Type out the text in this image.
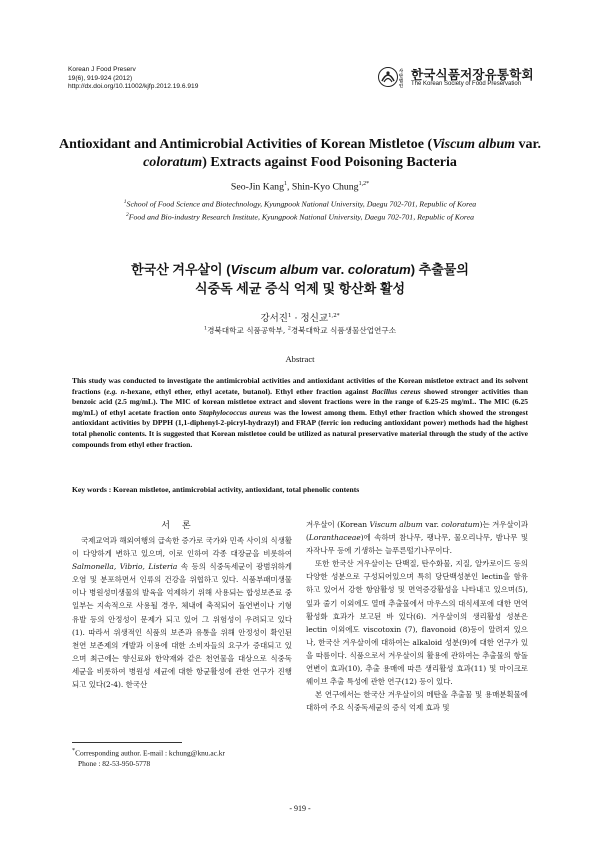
Korean J Food Preserv
19(6), 919-924 (2012)
http://dx.doi.org/10.11002/kjfp.2012.19.6.919
사단법인
한국식품저장유통학회
The Korean Society of Food Preservation
Antioxidant and Antimicrobial Activities of Korean Mistletoe (Viscum album var. coloratum) Extracts against Food Poisoning Bacteria
Seo-Jin Kang$^1$, Shin-Kyo Chung$^{1,2*}$
$^1$School of Food Science and Biotechnology, Kyungpook National University, Daegu 702-701, Republic of Korea
$^2$Food and Bio-industry Research Institute, Kyungpook National University, Daegu 702-701, Republic of Korea
한국산 겨우살이 (Viscum album var. coloratum) 추출물의
식중독 세균 증식 억제 및 항산화 활성
강서진$^1$ · 정신교$^{1,2*}$
$^1$경북대학교 식품공학부, $^2$경북대학교 식품생물산업연구소
Abstract
This study was conducted to investigate the antimicrobial activities and antioxidant activities of the Korean mistletoe extract and its solvent fractions (e.g. n-hexane, ethyl ether, ethyl acetate, butanol). Ethyl ether fraction against Bacillus cereus showed stronger activities than benzoic acid (2.5 mg/mL). The MIC of korean mistletoe extract and slovent fractions were in the range of 6.25-25 mg/mL. The MIC (6.25 mg/mL) of ethyl acetate fraction onto Staphylococcus aureus was the lowest among them. Ethyl ether fraction which showed the strongest antioxidant activities by DPPH (1,1-diphenyl-2-picryl-hydrazyl) and FRAP (ferric ion reducing antioxidant power) methods had the highest total phenolic contents. It is suggested that Korean mistletoe could be utilized as natural preservative material through the study of the active compounds from ethyl ether fraction.
Key words : Korean mistletoe, antimicrobial activity, antioxidant, total phenolic contents
서론

국제교역과 해외여행의 급속한 증가로 국가와 민족 사이의 식생활이 다양하게 변하고 있으며, 이로 인하여 각종 대장균을 비롯하여 Salmonella, Vibrio, Listeria 속 등의 식중독세균이 광범위하게 오염 및 분포하면서 인류의 건강을 위협하고 있다. 식품부패미생물이나 병원성미생물의 발육을 억제하기 위해 사용되는 합성보존료 중 일부는 지속적으로 사용될 경우, 체내에 축적되어 돌연변이나 기형 유발 등의 안정성이 문제가 되고 있어 그 위험성이 우려되고 있다(1). 따라서 위생적인 식품의 보존과 유통을 위해 안정성이 확인된 천연 보존제의 개발과 이용에 대한 소비자들의 요구가 증대되고 있으며 최근에는 향신료와 한약재와 같은 천연물을 대상으로 식중독 세균을 비롯하여 병원성 세균에 대한 항균활성에 관한 연구가 진행되고 있다(2-4). 한국산

겨우살이 (Korean Viscum album var. coloratum)는 겨우살이과 (Loranthaceae)에 속하며 참나무, 팽나무, 물오리나무, 밤나무 및 자작나무 등에 기생하는 늘푸른떨기나무이다.

또한 한국산 겨우살이는 단백질, 탄수화물, 지질, 알카로이드 등의 다양한 성분으로 구성되어있으며 특히 당단백성분인 lectin을 함유하고 있어서 강한 항암활성 및 면역증강활성을 나타내고 있으며(5), 잎과 줄기 이외에도 열매 추출물에서 마우스의 대식세포에 대한 면역활성화 효과가 보고된 바 있다(6). 겨우살이의 생리활성 성분은 lectin 이외에도 viscotoxin (7), flavonoid (8)등이 알려져 있으나, 한국산 겨우살이에 대하여는 alkaloid 성분(9)에 대한 연구가 있을 따름이다. 식품으로서 겨우살이의 활용에 관하여는 추출물의 항돌연변이 효과(10), 추출 용매에 따른 생리활성 효과(11) 및 마이크로웨이브 추출 특성에 관한 연구(12) 등이 있다.

본 연구에서는 한국산 겨우살이의 메탄올 추출물 및 용매분획물에 대하여 주요 식중독세균의 증식 억제 효과 및

*Corresponding author. E-mail : kchung@knu.ac.kr
Phone : 82-53-950-5778
- 919 -
